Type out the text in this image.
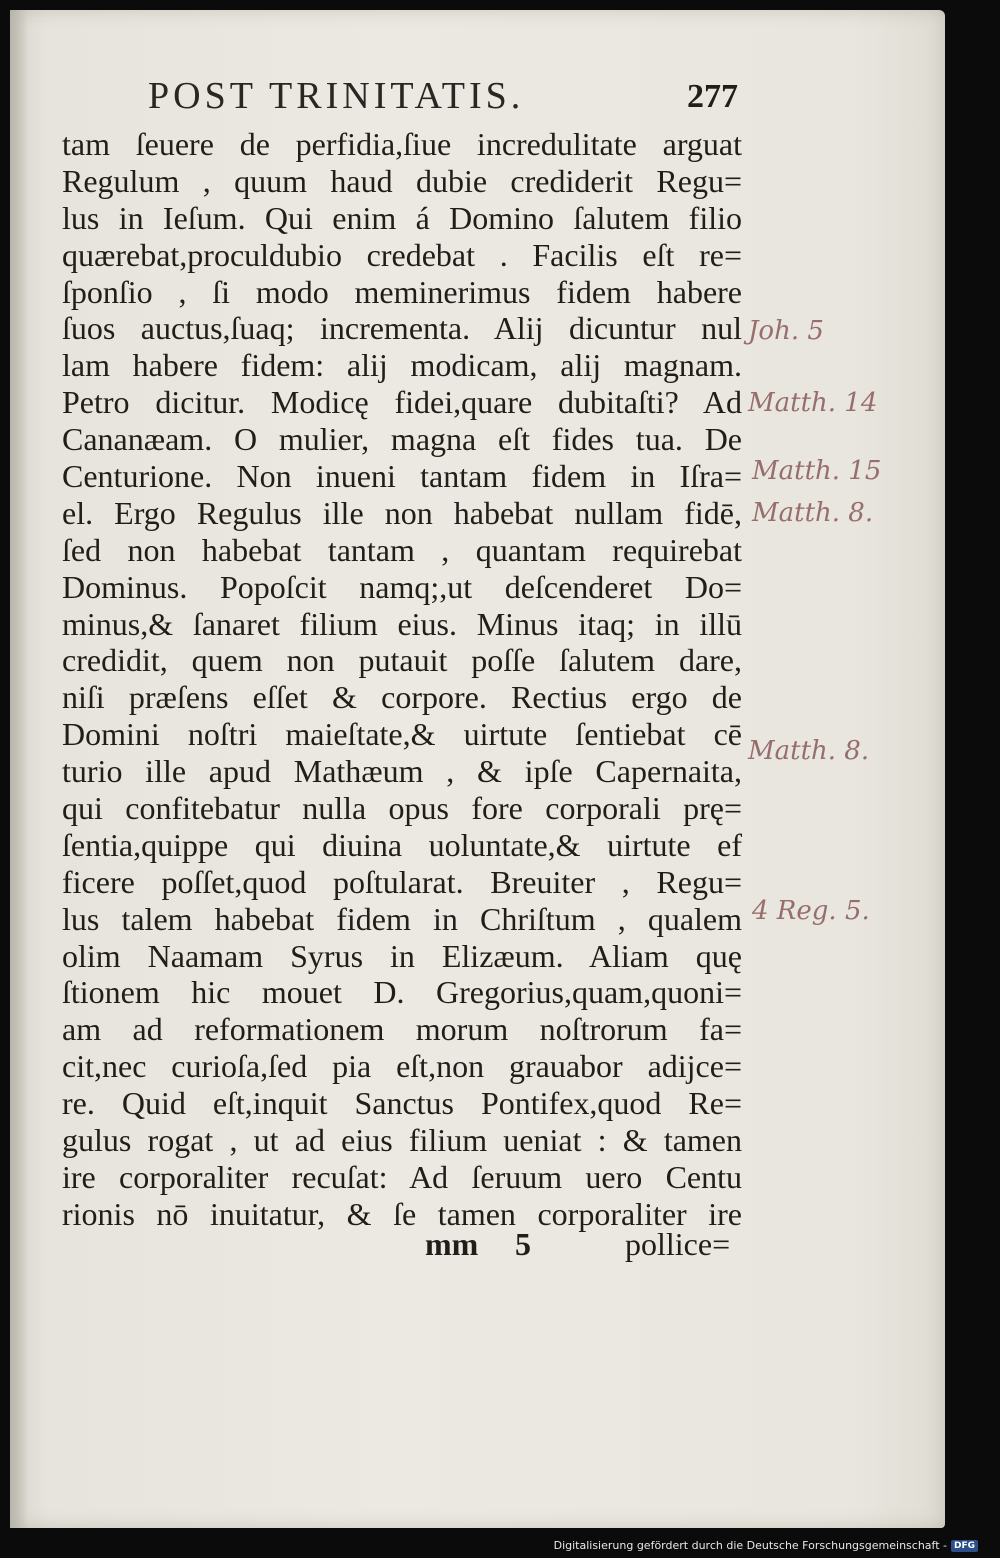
POST TRINITATIS.	277
tam ſeuere de perfidia,ſiue incredulitate arguat
Regulum , quum haud dubie crediderit Regu=
lus in Ieſum. Qui enim á Domino ſalutem filio
quærebat,proculdubio credebat . Facilis eſt re=
ſponſio , ſi modo meminerimus fidem habere
ſuos auctus,ſuaq; incrementa. Alij dicuntur nul
lam habere fidem: alij modicam, alij magnam.
Petro dicitur. Modicę fidei,quare dubitaſti? Ad
Cananæam. O mulier, magna eſt fides tua. De
Centurione. Non inueni tantam fidem in Iſra=
el. Ergo Regulus ille non habebat nullam fidē,
ſed non habebat tantam , quantam requirebat
Dominus. Popoſcit namq;,ut deſcenderet Do=
minus,& ſanaret filium eius. Minus itaq; in illū
credidit, quem non putauit poſſe ſalutem dare,
niſi præſens eſſet & corpore. Rectius ergo de
Domini noſtri maieſtate,& uirtute ſentiebat cē
turio ille apud Mathæum , & ipſe Capernaita,
qui confitebatur nulla opus fore corporali prę=
ſentia,quippe qui diuina uoluntate,& uirtute ef
ficere poſſet,quod poſtularat. Breuiter , Regu=
lus talem habebat fidem in Chriſtum , qualem
olim Naamam Syrus in Elizæum. Aliam quę
ſtionem hic mouet D. Gregorius,quam,quoni=
am ad reformationem morum noſtrorum fa=
cit,nec curioſa,ſed pia eſt,non grauabor adijce=
re. Quid eſt,inquit Sanctus Pontifex,quod Re=
gulus rogat , ut ad eius filium ueniat : & tamen
ire corporaliter recuſat: Ad ſeruum uero Centu
rionis nō inuitatur, & ſe tamen corporaliter ire
mm 5	pollice=
Joh. 5
Matth. 14
Matth. 15
Matth. 8.
Matth. 8.
4 Reg. 5.
Digitalisierung gefördert durch die Deutsche Forschungsgemeinschaft - DFG
